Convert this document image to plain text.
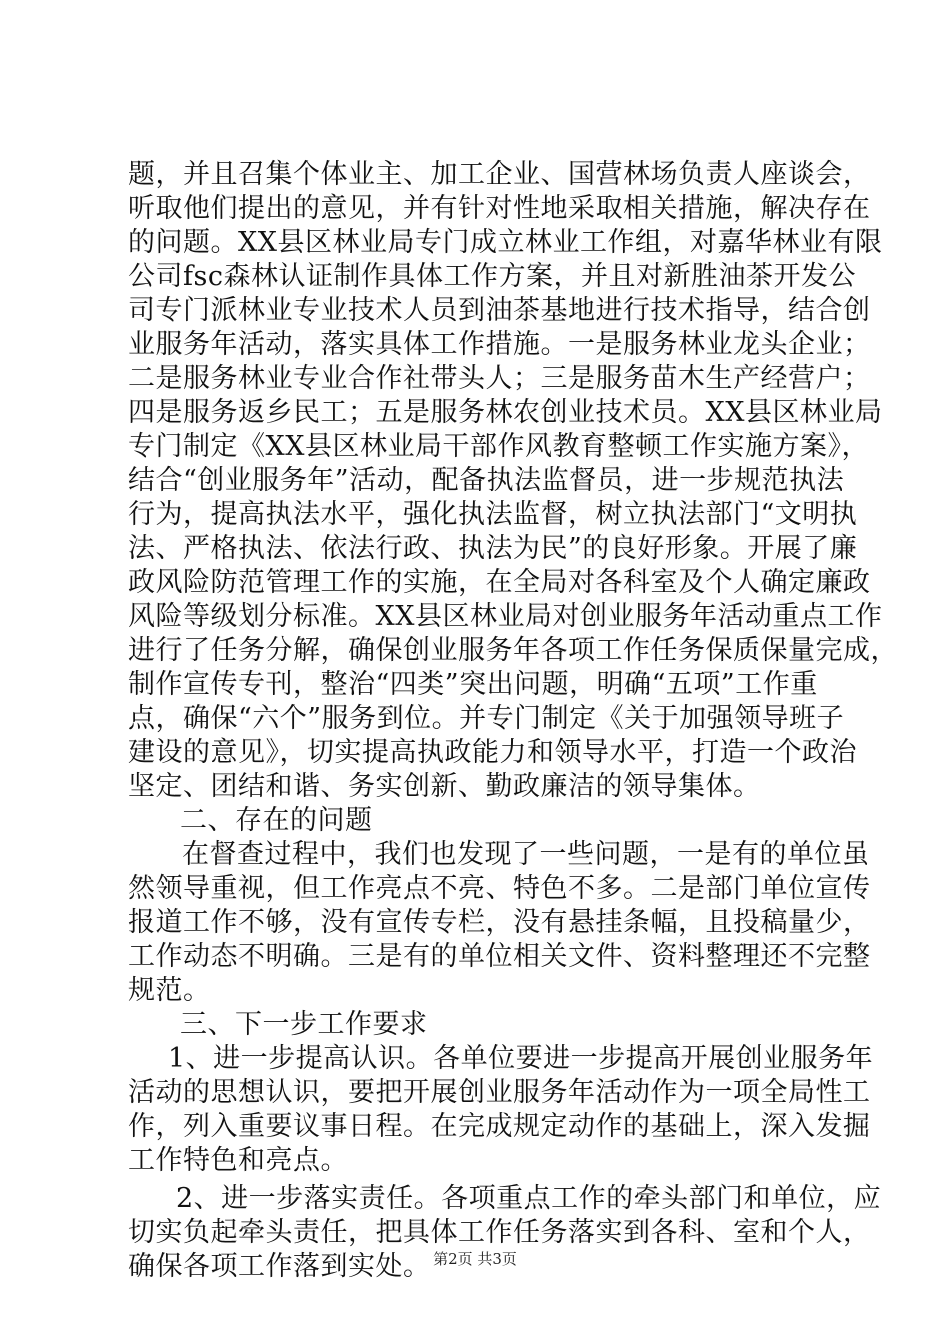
题，并且召集个体业主、加工企业、国营林场负责人座谈会，
听取他们提出的意见，并有针对性地采取相关措施，解决存在
的问题。XX县区林业局专门成立林业工作组，对嘉华林业有限
公司fsc森林认证制作具体工作方案，并且对新胜油茶开发公
司专门派林业专业技术人员到油茶基地进行技术指导，结合创
业服务年活动，落实具体工作措施。一是服务林业龙头企业；
二是服务林业专业合作社带头人；三是服务苗木生产经营户；
四是服务返乡民工；五是服务林农创业技术员。XX县区林业局
专门制定《XX县区林业局干部作风教育整顿工作实施方案》，
结合“创业服务年”活动，配备执法监督员，进一步规范执法
行为，提高执法水平，强化执法监督，树立执法部门“文明执
法、严格执法、依法行政、执法为民”的良好形象。开展了廉
政风险防范管理工作的实施，在全局对各科室及个人确定廉政
风险等级划分标准。XX县区林业局对创业服务年活动重点工作
进行了任务分解，确保创业服务年各项工作任务保质保量完成，
制作宣传专刊，整治“四类”突出问题，明确“五项”工作重
点，确保“六个”服务到位。并专门制定《关于加强领导班子
建设的意见》，切实提高执政能力和领导水平，打造一个政治
坚定、团结和谐、务实创新、勤政廉洁的领导集体。
二、存在的问题
在督查过程中，我们也发现了一些问题，一是有的单位虽
然领导重视，但工作亮点不亮、特色不多。二是部门单位宣传
报道工作不够，没有宣传专栏，没有悬挂条幅，且投稿量少，
工作动态不明确。三是有的单位相关文件、资料整理还不完整
规范。
三、下一步工作要求
1、进一步提高认识。各单位要进一步提高开展创业服务年
活动的思想认识，要把开展创业服务年活动作为一项全局性工
作，列入重要议事日程。在完成规定动作的基础上，深入发掘
工作特色和亮点。
2、进一步落实责任。各项重点工作的牵头部门和单位，应
切实负起牵头责任，把具体工作任务落实到各科、室和个人，
确保各项工作落到实处。 第2页 共3页
